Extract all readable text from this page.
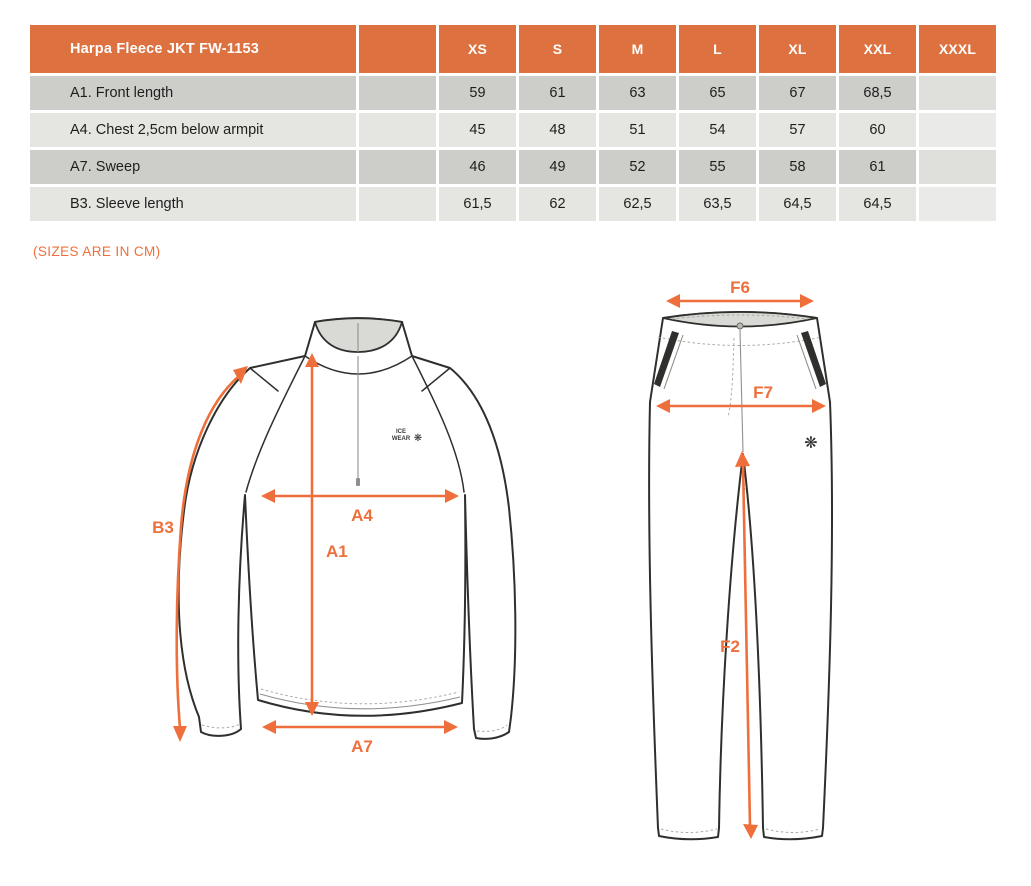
Harpa Fleece JKT FW-1153		XS	S	M	L	XL	XXL	XXXL
A1. Front length		59	61	63	65	67	68,5	
A4. Chest 2,5cm below armpit		45	48	51	54	57	60	
A7. Sweep		46	49	52	55	58	61	
B3. Sleeve length		61,5	62	62,5	63,5	64,5	64,5	
(SIZES ARE IN CM)
ICE
WEAR ❋
B3
A4
A1
A7
❋
F6
F7
F2
